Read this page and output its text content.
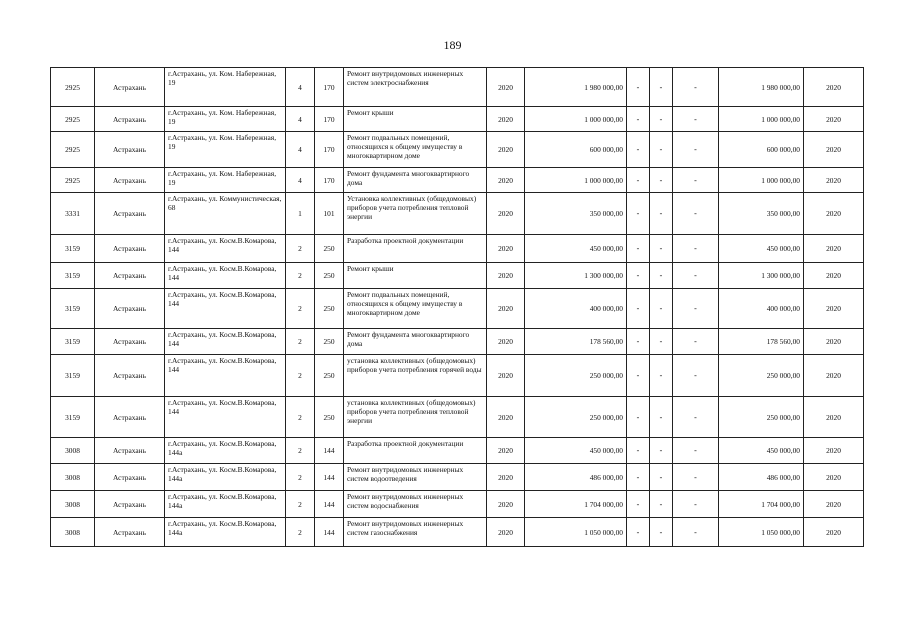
189
2925	Астрахань	г.Астрахань, ул. Ком. Набережная, 19	4	170	Ремонт внутридомовых инженерных систем электроснабжения	2020	1 980 000,00	-	-	-	1 980 000,00	2020
2925	Астрахань	г.Астрахань, ул. Ком. Набережная, 19	4	170	Ремонт крыши	2020	1 000 000,00	-	-	-	1 000 000,00	2020
2925	Астрахань	г.Астрахань, ул. Ком. Набережная, 19	4	170	Ремонт подвальных помещений, относящихся к общему имуществу в многоквартирном доме	2020	600 000,00	-	-	-	600 000,00	2020
2925	Астрахань	г.Астрахань, ул. Ком. Набережная, 19	4	170	Ремонт фундамента многоквартирного дома	2020	1 000 000,00	-	-	-	1 000 000,00	2020
3331	Астрахань	г.Астрахань, ул. Коммунистическая, 68	1	101	Установка коллективных (общедомовых) приборов учета потребления тепловой энергии	2020	350 000,00	-	-	-	350 000,00	2020
3159	Астрахань	г.Астрахань, ул. Косм.В.Комарова, 144	2	250	Разработка проектной документации	2020	450 000,00	-	-	-	450 000,00	2020
3159	Астрахань	г.Астрахань, ул. Косм.В.Комарова, 144	2	250	Ремонт крыши	2020	1 300 000,00	-	-	-	1 300 000,00	2020
3159	Астрахань	г.Астрахань, ул. Косм.В.Комарова, 144	2	250	Ремонт подвальных помещений, относящихся к общему имуществу в многоквартирном доме	2020	400 000,00	-	-	-	400 000,00	2020
3159	Астрахань	г.Астрахань, ул. Косм.В.Комарова, 144	2	250	Ремонт фундамента многоквартирного дома	2020	178 560,00	-	-	-	178 560,00	2020
3159	Астрахань	г.Астрахань, ул. Косм.В.Комарова, 144	2	250	установка коллективных (общедомовых) приборов учета потребления горячей воды	2020	250 000,00	-	-	-	250 000,00	2020
3159	Астрахань	г.Астрахань, ул. Косм.В.Комарова, 144	2	250	установка коллективных (общедомовых) приборов учета потребления тепловой энергии	2020	250 000,00	-	-	-	250 000,00	2020
3008	Астрахань	г.Астрахань, ул. Косм.В.Комарова, 144а	2	144	Разработка проектной документации	2020	450 000,00	-	-	-	450 000,00	2020
3008	Астрахань	г.Астрахань, ул. Косм.В.Комарова, 144а	2	144	Ремонт внутридомовых инженерных систем водоотведения	2020	486 000,00	-	-	-	486 000,00	2020
3008	Астрахань	г.Астрахань, ул. Косм.В.Комарова, 144а	2	144	Ремонт внутридомовых инженерных систем водоснабжения	2020	1 704 000,00	-	-	-	1 704 000,00	2020
3008	Астрахань	г.Астрахань, ул. Косм.В.Комарова, 144а	2	144	Ремонт внутридомовых инженерных систем газоснабжения	2020	1 050 000,00	-	-	-	1 050 000,00	2020
